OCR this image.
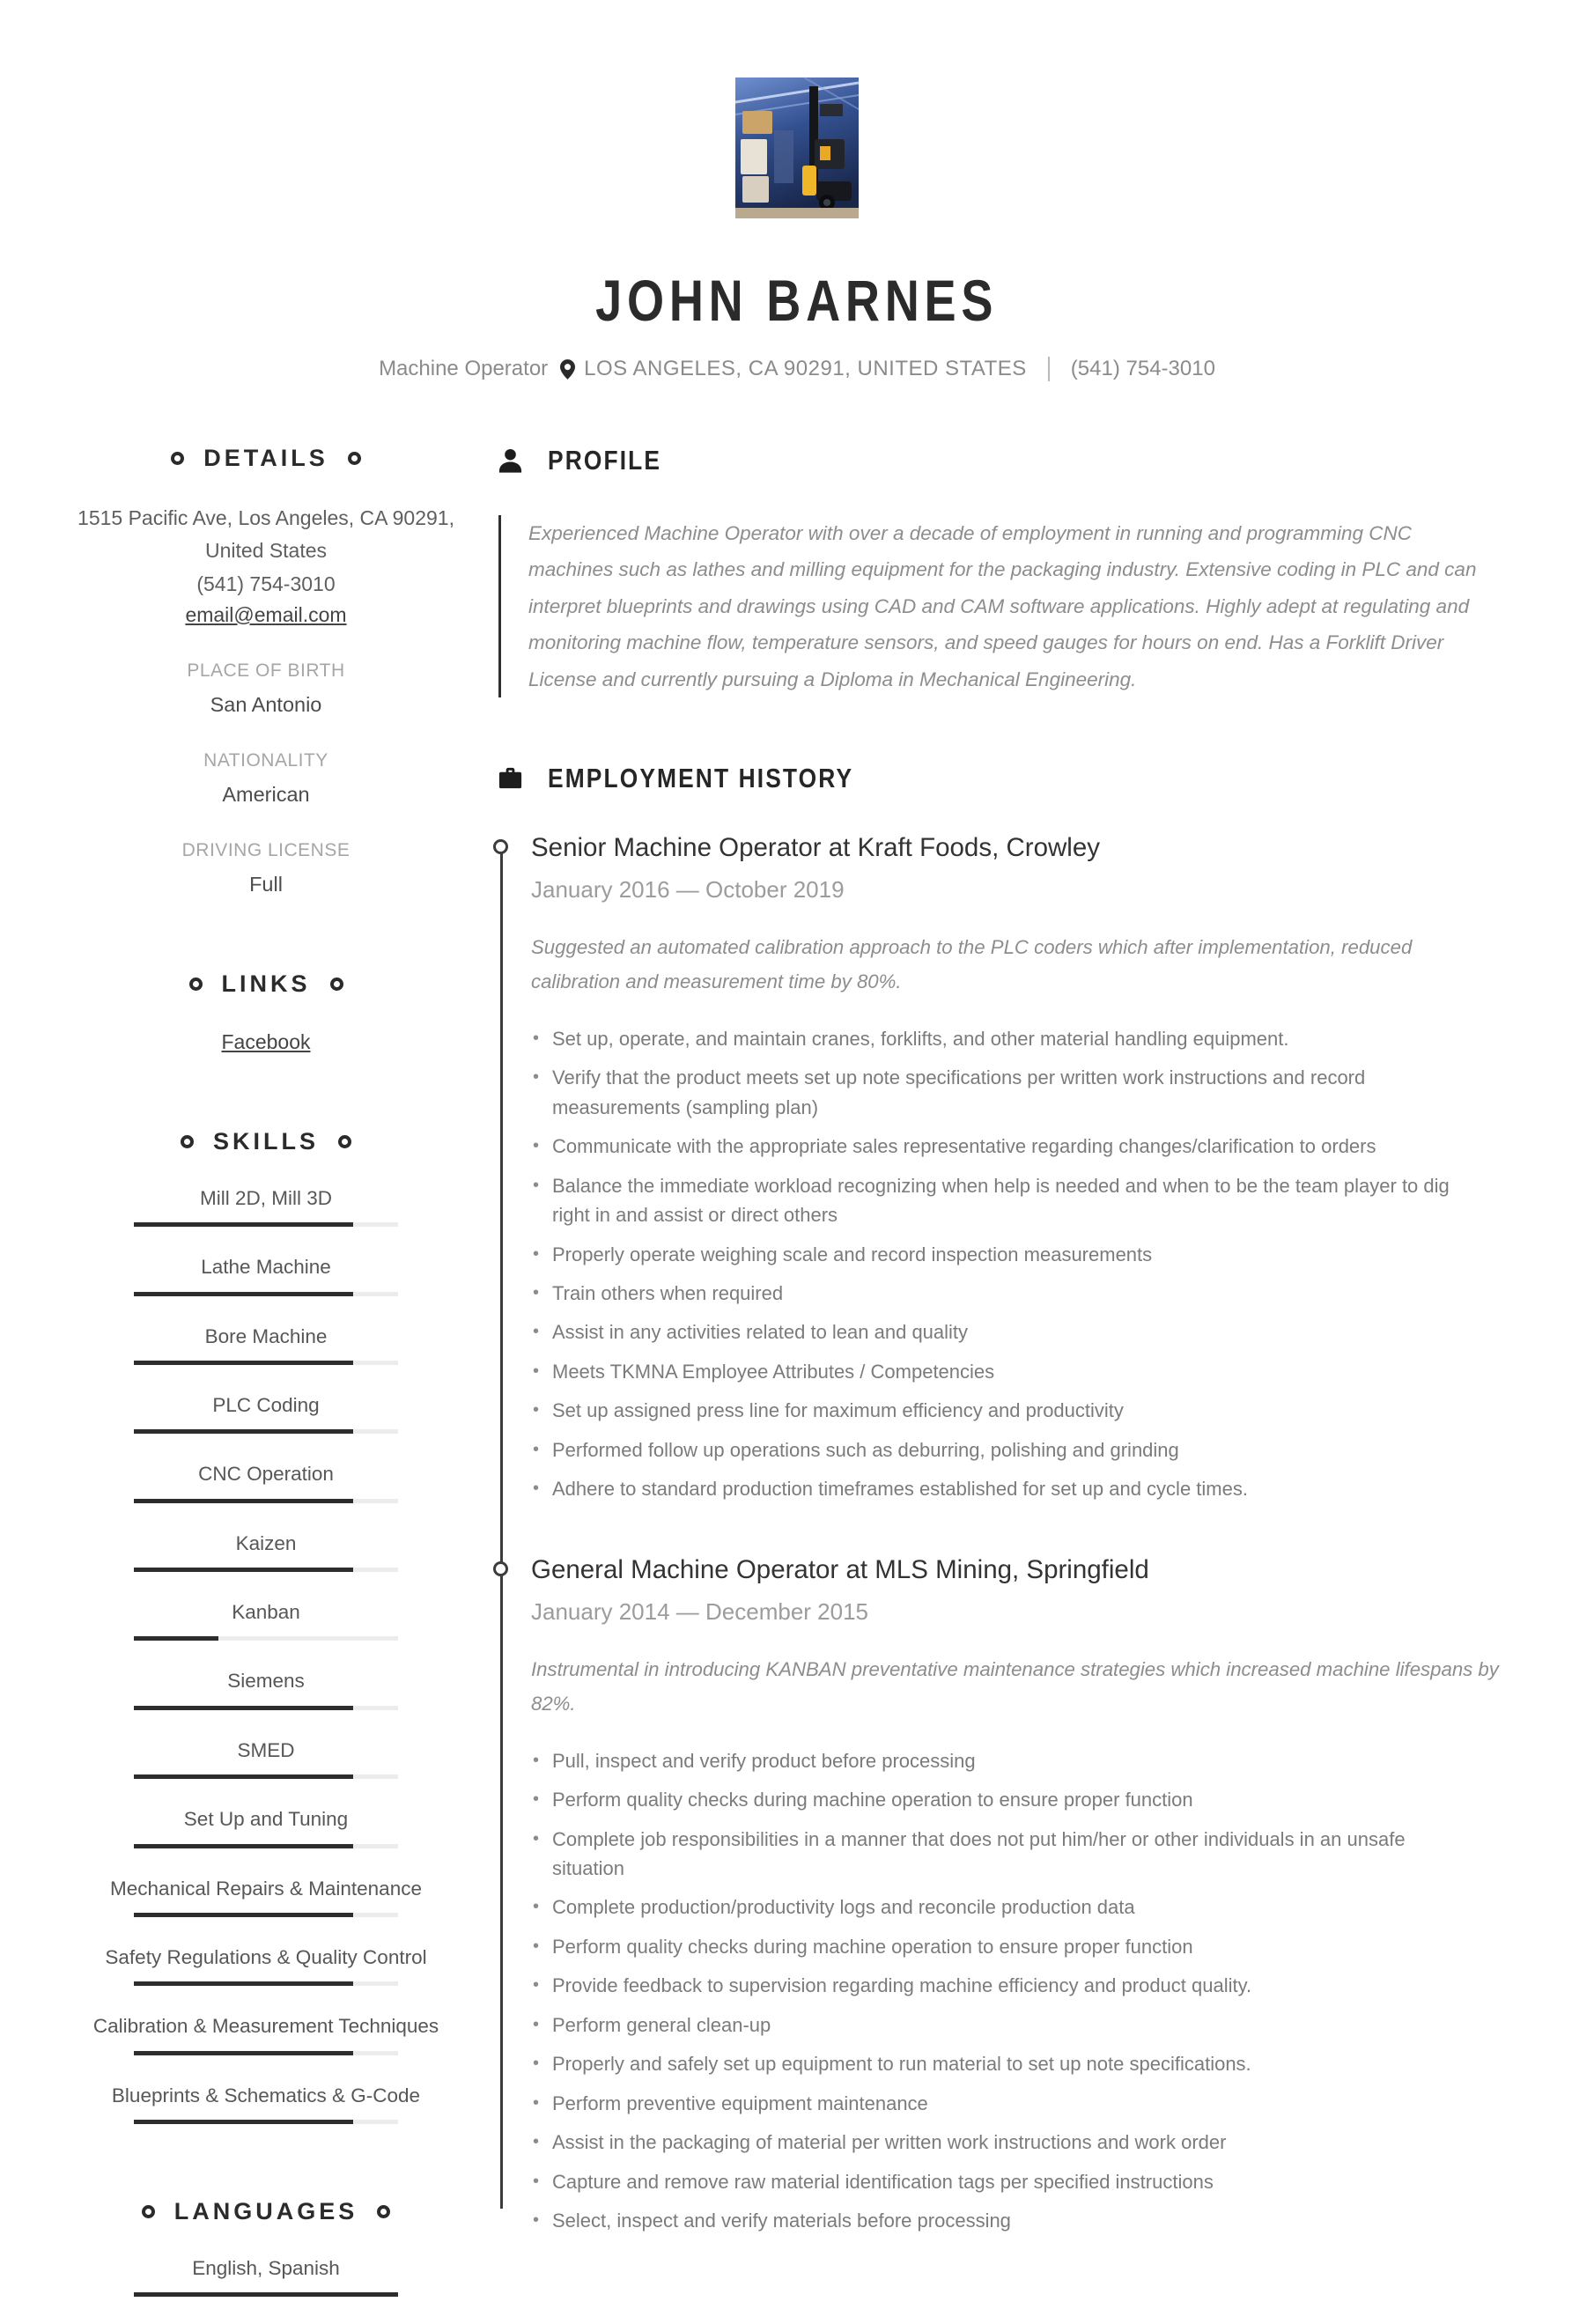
JOHN BARNES
Machine Operator LOS ANGELES, CA 90291, UNITED STATES (541) 754-3010
DETAILS
1515 Pacific Ave, Los Angeles, CA 90291, United States
(541) 754-3010
email@email.com
PLACE OF BIRTH
San Antonio
NATIONALITY
American
DRIVING LICENSE
Full
LINKS
Facebook
SKILLS
Mill 2D, Mill 3D
Lathe Machine
Bore Machine
PLC Coding
CNC Operation
Kaizen
Kanban
Siemens
SMED
Set Up and Tuning
Mechanical Repairs & Maintenance
Safety Regulations & Quality Control
Calibration & Measurement Techniques
Blueprints & Schematics & G-Code
LANGUAGES
English, Spanish
PROFILE

Experienced Machine Operator with over a decade of employment in running and programming CNC machines such as lathes and milling equipment for the packaging industry. Extensive coding in PLC and can interpret blueprints and drawings using CAD and CAM software applications. Highly adept at regulating and monitoring machine flow, temperature sensors, and speed gauges for hours on end. Has a Forklift Driver License and currently pursuing a Diploma in Mechanical Engineering.

EMPLOYMENT HISTORY
Senior Machine Operator at Kraft Foods, Crowley
January 2016 — October 2019

Suggested an automated calibration approach to the PLC coders which after implementation, reduced calibration and measurement time by 80%.

• Set up, operate, and maintain cranes, forklifts, and other material handling equipment.
• Verify that the product meets set up note specifications per written work instructions and record measurements (sampling plan)
• Communicate with the appropriate sales representative regarding changes/clarification to orders
• Balance the immediate workload recognizing when help is needed and when to be the team player to dig right in and assist or direct others
• Properly operate weighing scale and record inspection measurements
• Train others when required
• Assist in any activities related to lean and quality
• Meets TKMNA Employee Attributes / Competencies
• Set up assigned press line for maximum efficiency and productivity
• Performed follow up operations such as deburring, polishing and grinding
• Adhere to standard production timeframes established for set up and cycle times.
General Machine Operator at MLS Mining, Springfield
January 2014 — December 2015

Instrumental in introducing KANBAN preventative maintenance strategies which increased machine lifespans by 82%.

• Pull, inspect and verify product before processing
• Perform quality checks during machine operation to ensure proper function
• Complete job responsibilities in a manner that does not put him/her or other individuals in an unsafe situation
• Complete production/productivity logs and reconcile production data
• Perform quality checks during machine operation to ensure proper function
• Provide feedback to supervision regarding machine efficiency and product quality.
• Perform general clean-up
• Properly and safely set up equipment to run material to set up note specifications.
• Perform preventive equipment maintenance
• Assist in the packaging of material per written work instructions and work order
• Capture and remove raw material identification tags per specified instructions
• Select, inspect and verify materials before processing
